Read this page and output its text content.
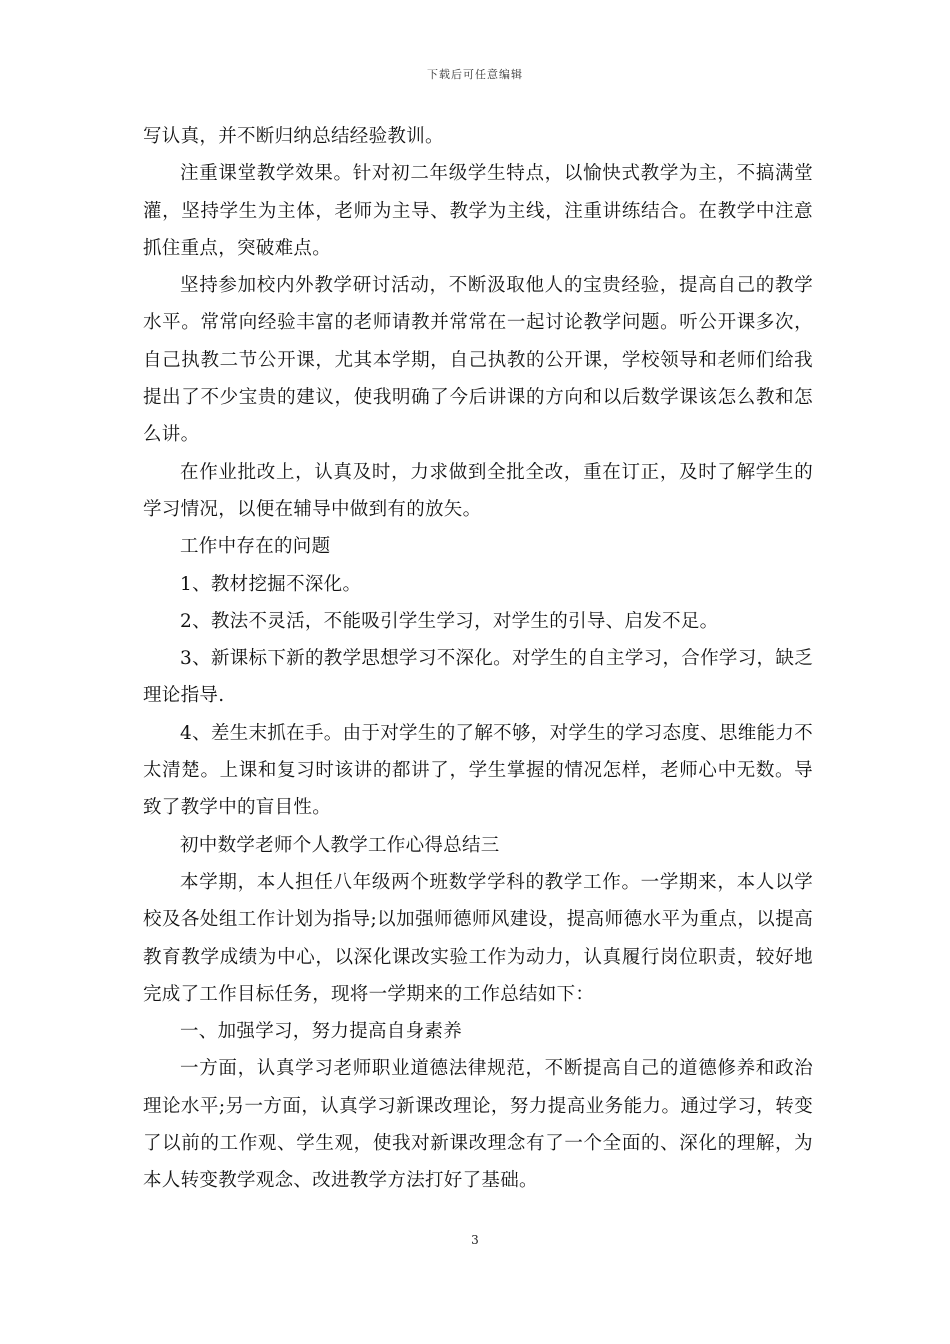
下载后可任意编辑

写认真，并不断归纳总结经验教训。

注重课堂教学效果。针对初二年级学生特点，以愉快式教学为主，不搞满堂灌，坚持学生为主体，老师为主导、教学为主线，注重讲练结合。在教学中注意抓住重点，突破难点。

坚持参加校内外教学研讨活动，不断汲取他人的宝贵经验，提高自己的教学水平。常常向经验丰富的老师请教并常常在一起讨论教学问题。听公开课多次，自己执教二节公开课，尤其本学期，自己执教的公开课，学校领导和老师们给我提出了不少宝贵的建议，使我明确了今后讲课的方向和以后数学课该怎么教和怎么讲。

在作业批改上，认真及时，力求做到全批全改，重在订正，及时了解学生的学习情况，以便在辅导中做到有的放矢。

工作中存在的问题

1、教材挖掘不深化。

2、教法不灵活，不能吸引学生学习，对学生的引导、启发不足。

3、新课标下新的教学思想学习不深化。对学生的自主学习，合作学习，缺乏理论指导.

4、差生末抓在手。由于对学生的了解不够，对学生的学习态度、思维能力不太清楚。上课和复习时该讲的都讲了，学生掌握的情况怎样，老师心中无数。导致了教学中的盲目性。

初中数学老师个人教学工作心得总结三

本学期，本人担任八年级两个班数学学科的教学工作。一学期来，本人以学校及各处组工作计划为指导;以加强师德师风建设，提高师德水平为重点，以提高教育教学成绩为中心，以深化课改实验工作为动力，认真履行岗位职责，较好地完成了工作目标任务，现将一学期来的工作总结如下：

一、加强学习，努力提高自身素养

一方面，认真学习老师职业道德法律规范，不断提高自己的道德修养和政治理论水平;另一方面，认真学习新课改理论，努力提高业务能力。通过学习，转变了以前的工作观、学生观，使我对新课改理念有了一个全面的、深化的理解，为本人转变教学观念、改进教学方法打好了基础。

3
